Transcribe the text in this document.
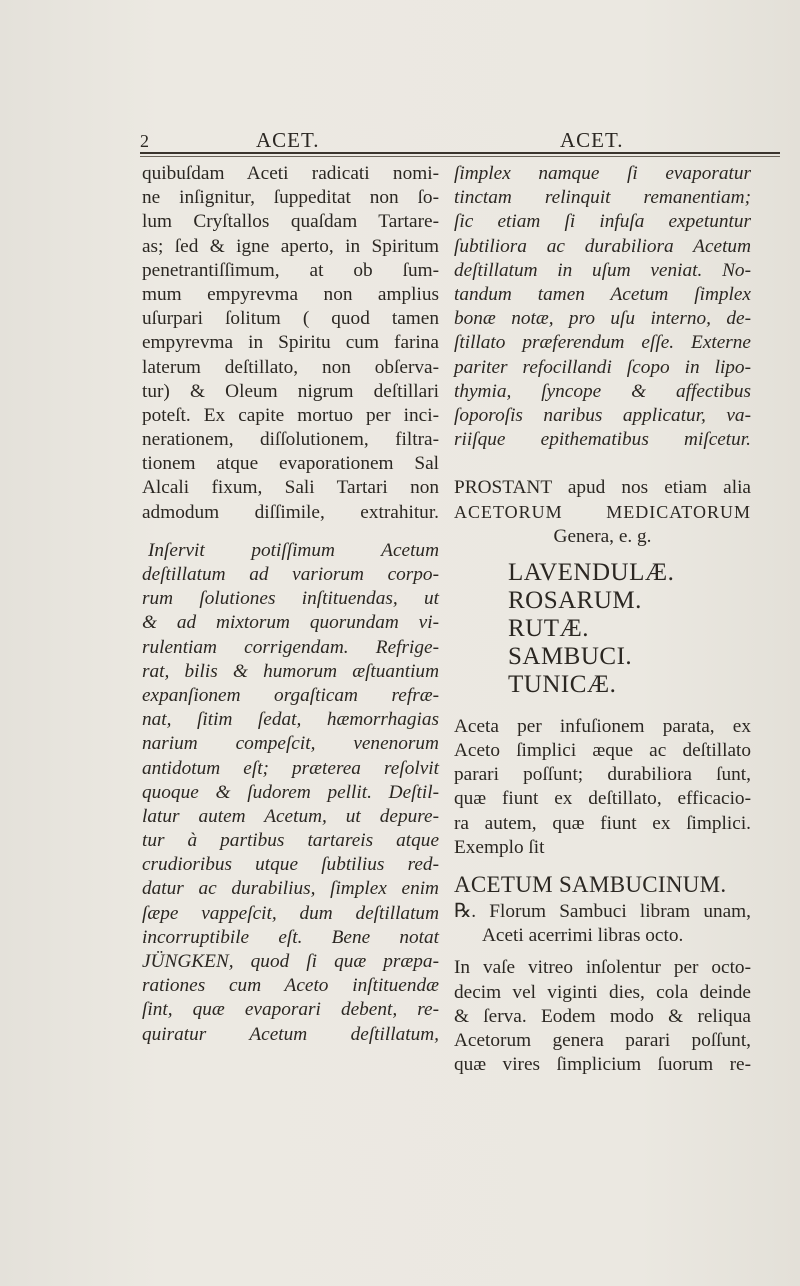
2	ACET.	ACET.
quibuſdam Aceti radicati nomi-
ne inſignitur, ſuppeditat non ſo-
lum Cryſtallos quaſdam Tartare-
as; ſed & igne aperto, in Spiritum
penetrantiſſimum, at ob ſum-
mum empyrevma non amplius
uſurpari ſolitum ( quod tamen
empyrevma in Spiritu cum farina
laterum deſtillato, non obſerva-
tur) & Oleum nigrum deſtillari
poteſt. Ex capite mortuo per inci-
nerationem, diſſolutionem, filtra-
tionem atque evaporationem Sal
Alcali fixum, Sali Tartari non
admodum diſſimile, extrahitur.
Inſervit potiſſimum Acetum
deſtillatum ad variorum corpo-
rum ſolutiones inſtituendas, ut
& ad mixtorum quorundam vi-
rulentiam corrigendam. Refrige-
rat, bilis & humorum æſtuantium
expanſionem orgaſticam refræ-
nat, ſitim ſedat, hæmorrhagias
narium compeſcit, venenorum
antidotum eſt; præterea reſolvit
quoque & ſudorem pellit. Deſtil-
latur autem Acetum, ut depure-
tur à partibus tartareis atque
crudioribus utque ſubtilius red-
datur ac durabilius, ſimplex enim
ſæpe vappeſcit, dum deſtillatum
incorruptibile eſt. Bene notat
JÜNGKEN, quod ſi quæ præpa-
rationes cum Aceto inſtituendæ
ſint, quæ evaporari debent, re-
quiratur Acetum deſtillatum,
ſimplex namque ſi evaporatur
tinctam relinquit remanentiam;
ſic etiam ſi infuſa expetuntur
ſubtiliora ac durabiliora Acetum
deſtillatum in uſum veniat. No-
tandum tamen Acetum ſimplex
bonæ notæ, pro uſu interno, de-
ſtillato præferendum eſſe. Externe
pariter refocillandi ſcopo in lipo-
thymia, ſyncope & affectibus
ſoporoſis naribus applicatur, va-
riiſque epithematibus miſcetur.
PROSTANT apud nos etiam alia
ACETORUM MEDICATORUM
Genera, e. g.
LAVENDULÆ.
ROSARUM.
RUTÆ.
SAMBUCI.
TUNICÆ.
Aceta per infuſionem parata, ex
Aceto ſimplici æque ac deſtillato
parari poſſunt; durabiliora ſunt,
quæ fiunt ex deſtillato, efficacio-
ra autem, quæ fiunt ex ſimplici.
Exemplo ſit
ACETUM SAMBUCINUM.
℞. Florum Sambuci libram unam,
Aceti acerrimi libras octo.
In vaſe vitreo inſolentur per octo-
decim vel viginti dies, cola deinde
& ſerva. Eodem modo & reliqua
Acetorum genera parari poſſunt,
quæ vires ſimplicium ſuorum re-
